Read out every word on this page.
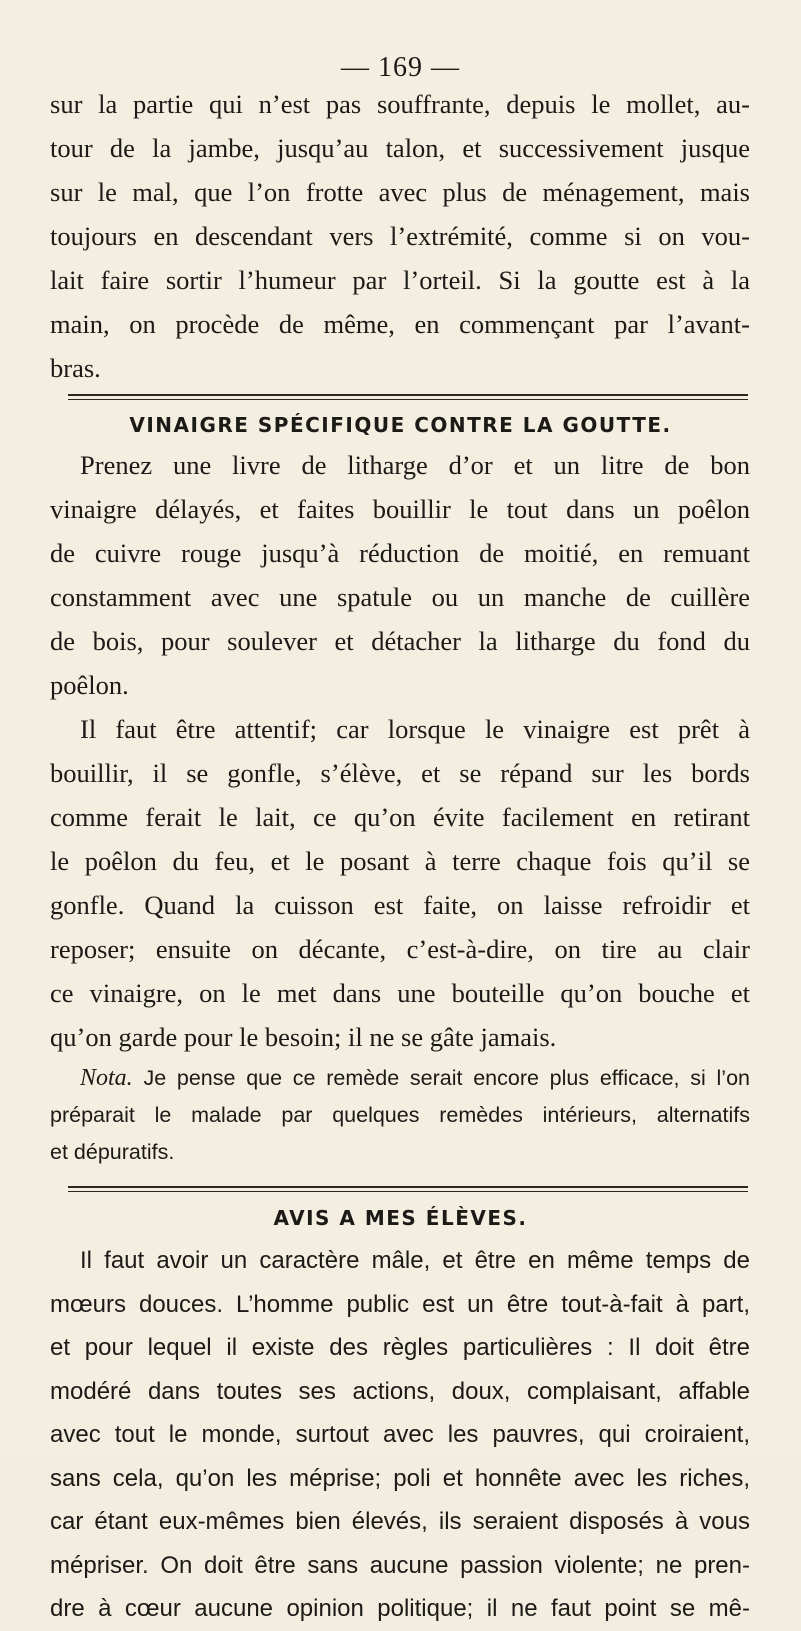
— 169 —
sur la partie qui n’est pas souffrante, depuis le mollet, au-
tour de la jambe, jusqu’au talon, et successivement jusque
sur le mal, que l’on frotte avec plus de ménagement, mais
toujours en descendant vers l’extrémité, comme si on vou-
lait faire sortir l’humeur par l’orteil. Si la goutte est à la
main, on procède de même, en commençant par l’avant-
bras.
VINAIGRE SPÉCIFIQUE CONTRE LA GOUTTE.
Prenez une livre de litharge d’or et un litre de bon
vinaigre délayés, et faites bouillir le tout dans un poêlon
de cuivre rouge jusqu’à réduction de moitié, en remuant
constamment avec une spatule ou un manche de cuillère
de bois, pour soulever et détacher la litharge du fond du
poêlon.
Il faut être attentif; car lorsque le vinaigre est prêt à
bouillir, il se gonfle, s’élève, et se répand sur les bords
comme ferait le lait, ce qu’on évite facilement en retirant
le poêlon du feu, et le posant à terre chaque fois qu’il se
gonfle. Quand la cuisson est faite, on laisse refroidir et
reposer; ensuite on décante, c’est-à-dire, on tire au clair
ce vinaigre, on le met dans une bouteille qu’on bouche et
qu’on garde pour le besoin; il ne se gâte jamais.
Nota. Je pense que ce remède serait encore plus efficace, si l’on
préparait le malade par quelques remèdes intérieurs, alternatifs
et dépuratifs.
AVIS A MES ÉLÈVES.
Il faut avoir un caractère mâle, et être en même temps de
mœurs douces. L’homme public est un être tout-à-fait à part,
et pour lequel il existe des règles particulières : Il doit être
modéré dans toutes ses actions, doux, complaisant, affable
avec tout le monde, surtout avec les pauvres, qui croiraient,
sans cela, qu’on les méprise; poli et honnête avec les riches,
car étant eux-mêmes bien élevés, ils seraient disposés à vous
mépriser. On doit être sans aucune passion violente; ne pren-
dre à cœur aucune opinion politique; il ne faut point se mê-
